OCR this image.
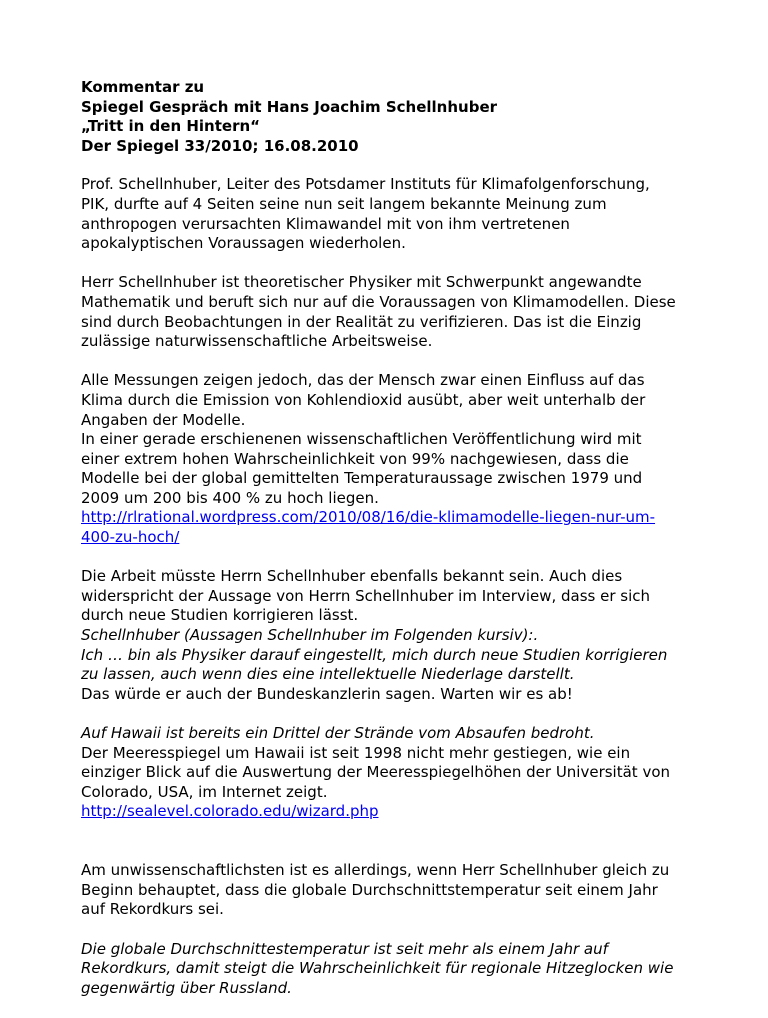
Kommentar zu
Spiegel Gespräch mit Hans Joachim Schellnhuber
„Tritt in den Hintern“
Der Spiegel 33/2010; 16.08.2010

Prof. Schellnhuber, Leiter des Potsdamer Instituts für Klimafolgenforschung, PIK, durfte auf 4 Seiten seine nun seit langem bekannte Meinung zum anthropogen verursachten Klimawandel mit von ihm vertretenen apokalyptischen Voraussagen wiederholen.

Herr Schellnhuber ist theoretischer Physiker mit Schwerpunkt angewandte Mathematik und beruft sich nur auf die Voraussagen von Klimamodellen. Diese sind durch Beobachtungen in der Realität zu verifizieren. Das ist die Einzig zulässige naturwissenschaftliche Arbeitsweise.

Alle Messungen zeigen jedoch, das der Mensch zwar einen Einfluss auf das Klima durch die Emission von Kohlendioxid ausübt, aber weit unterhalb der Angaben der Modelle.
In einer gerade erschienenen wissenschaftlichen Veröffentlichung wird mit einer extrem hohen Wahrscheinlichkeit von 99% nachgewiesen, dass die Modelle bei der global gemittelten Temperaturaussage zwischen 1979 und 2009 um 200 bis 400 % zu hoch liegen.
http://rlrational.wordpress.com/2010/08/16/die-klimamodelle-liegen-nur-um-400-zu-hoch/

Die Arbeit müsste Herrn Schellnhuber ebenfalls bekannt sein. Auch dies widerspricht der Aussage von Herrn Schellnhuber im Interview, dass er sich durch neue Studien korrigieren lässt.
Schellnhuber (Aussagen Schellnhuber im Folgenden kursiv):.
Ich … bin als Physiker darauf eingestellt, mich durch neue Studien korrigieren zu lassen, auch wenn dies eine intellektuelle Niederlage darstellt.
Das würde er auch der Bundeskanzlerin sagen. Warten wir es ab!

Auf Hawaii ist bereits ein Drittel der Strände vom Absaufen bedroht.
Der Meeresspiegel um Hawaii ist seit 1998 nicht mehr gestiegen, wie ein einziger Blick auf die Auswertung der Meeresspiegelhöhen der Universität von Colorado, USA, im Internet zeigt.
http://sealevel.colorado.edu/wizard.php

Am unwissenschaftlichsten ist es allerdings, wenn Herr Schellnhuber gleich zu Beginn behauptet, dass die globale Durchschnittstemperatur seit einem Jahr auf Rekordkurs sei.

Die globale Durchschnittestemperatur ist seit mehr als einem Jahr auf Rekordkurs, damit steigt die Wahrscheinlichkeit für regionale Hitzeglocken wie gegenwärtig über Russland.
